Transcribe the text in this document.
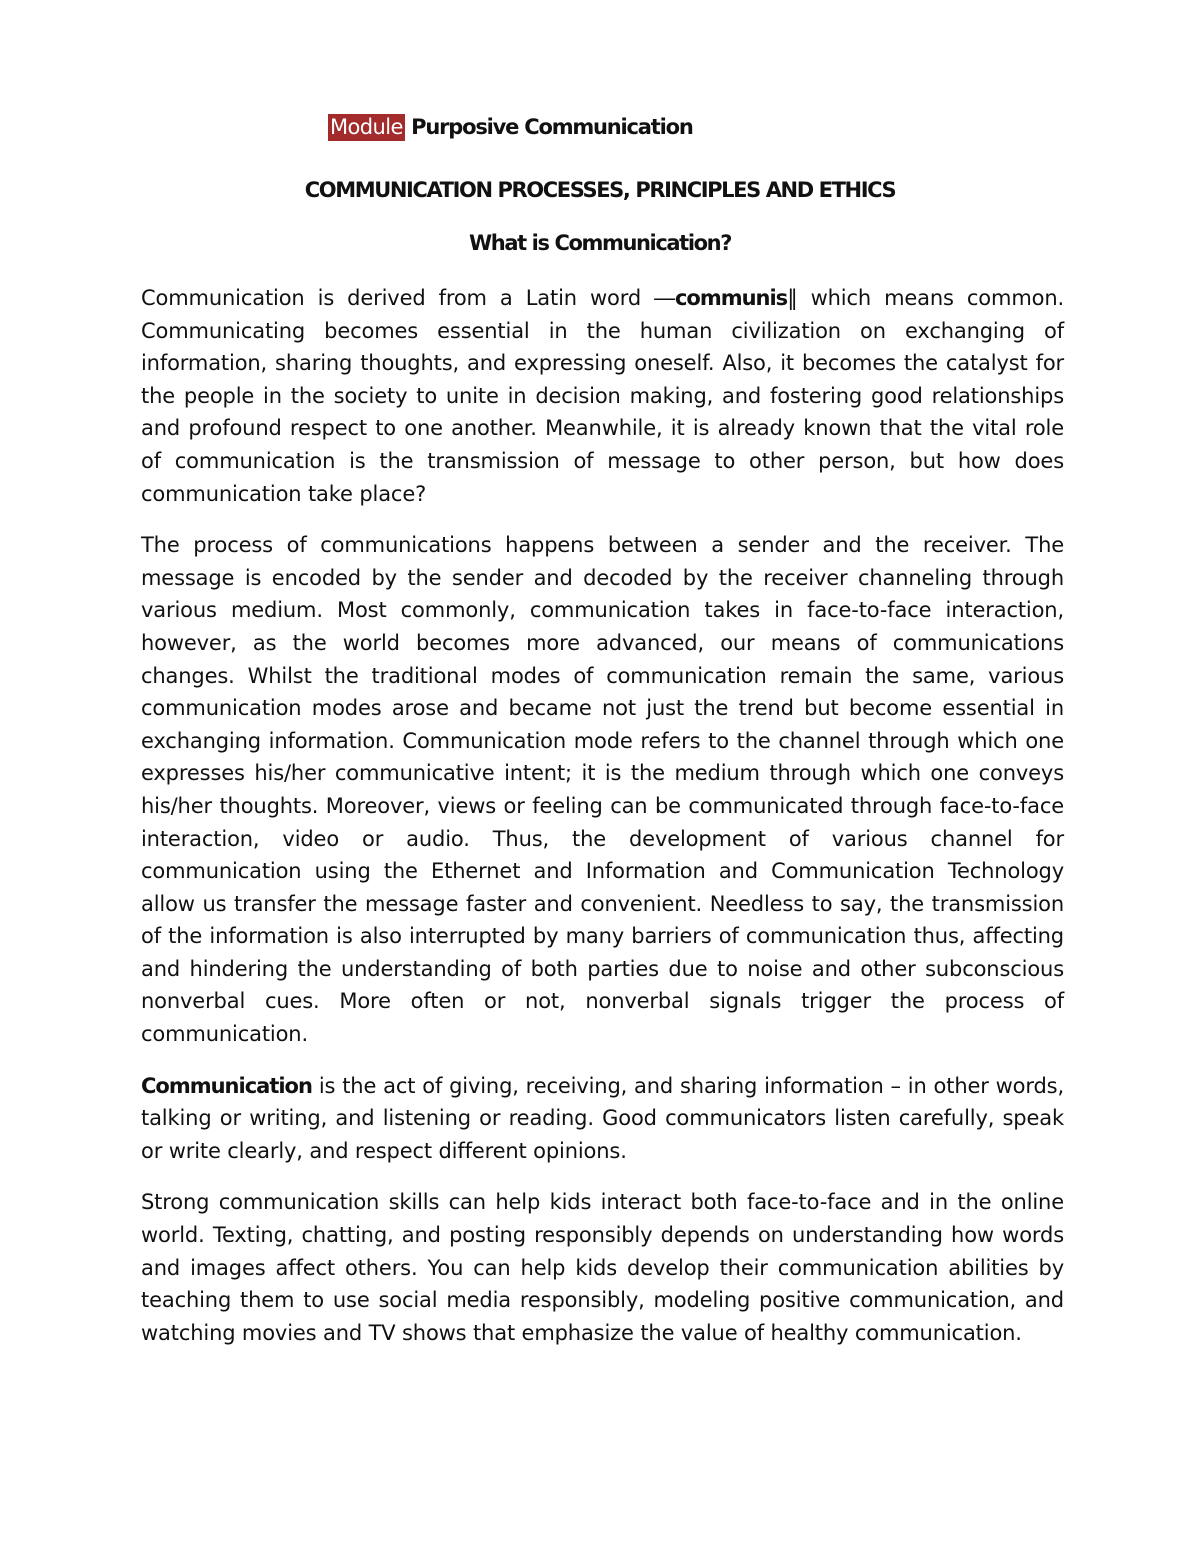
Module Purposive Communication
COMMUNICATION PROCESSES, PRINCIPLES AND ETHICS
What is Communication?

Communication is derived from a Latin word ―communis‖ which means common. Communicating becomes essential in the human civilization on exchanging of information, sharing thoughts, and expressing oneself. Also, it becomes the catalyst for the people in the society to unite in decision making, and fostering good relationships and profound respect to one another. Meanwhile, it is already known that the vital role of communication is the transmission of message to other person, but how does communication take place?

The process of communications happens between a sender and the receiver. The message is encoded by the sender and decoded by the receiver channeling through various medium. Most commonly, communication takes in face-to-face interaction, however, as the world becomes more advanced, our means of communications changes. Whilst the traditional modes of communication remain the same, various communication modes arose and became not just the trend but become essential in exchanging information. Communication mode refers to the channel through which one expresses his/her communicative intent; it is the medium through which one conveys his/her thoughts. Moreover, views or feeling can be communicated through face-to-face interaction, video or audio. Thus, the development of various channel for communication using the Ethernet and Information and Communication Technology allow us transfer the message faster and convenient. Needless to say, the transmission of the information is also interrupted by many barriers of communication thus, affecting and hindering the understanding of both parties due to noise and other subconscious nonverbal cues. More often or not, nonverbal signals trigger the process of communication.

Communication is the act of giving, receiving, and sharing information – in other words, talking or writing, and listening or reading. Good communicators listen carefully, speak or write clearly, and respect different opinions.

Strong communication skills can help kids interact both face-to-face and in the online world. Texting, chatting, and posting responsibly depends on understanding how words and images affect others. You can help kids develop their communication abilities by teaching them to use social media responsibly, modeling positive communication, and watching movies and TV shows that emphasize the value of healthy communication.
